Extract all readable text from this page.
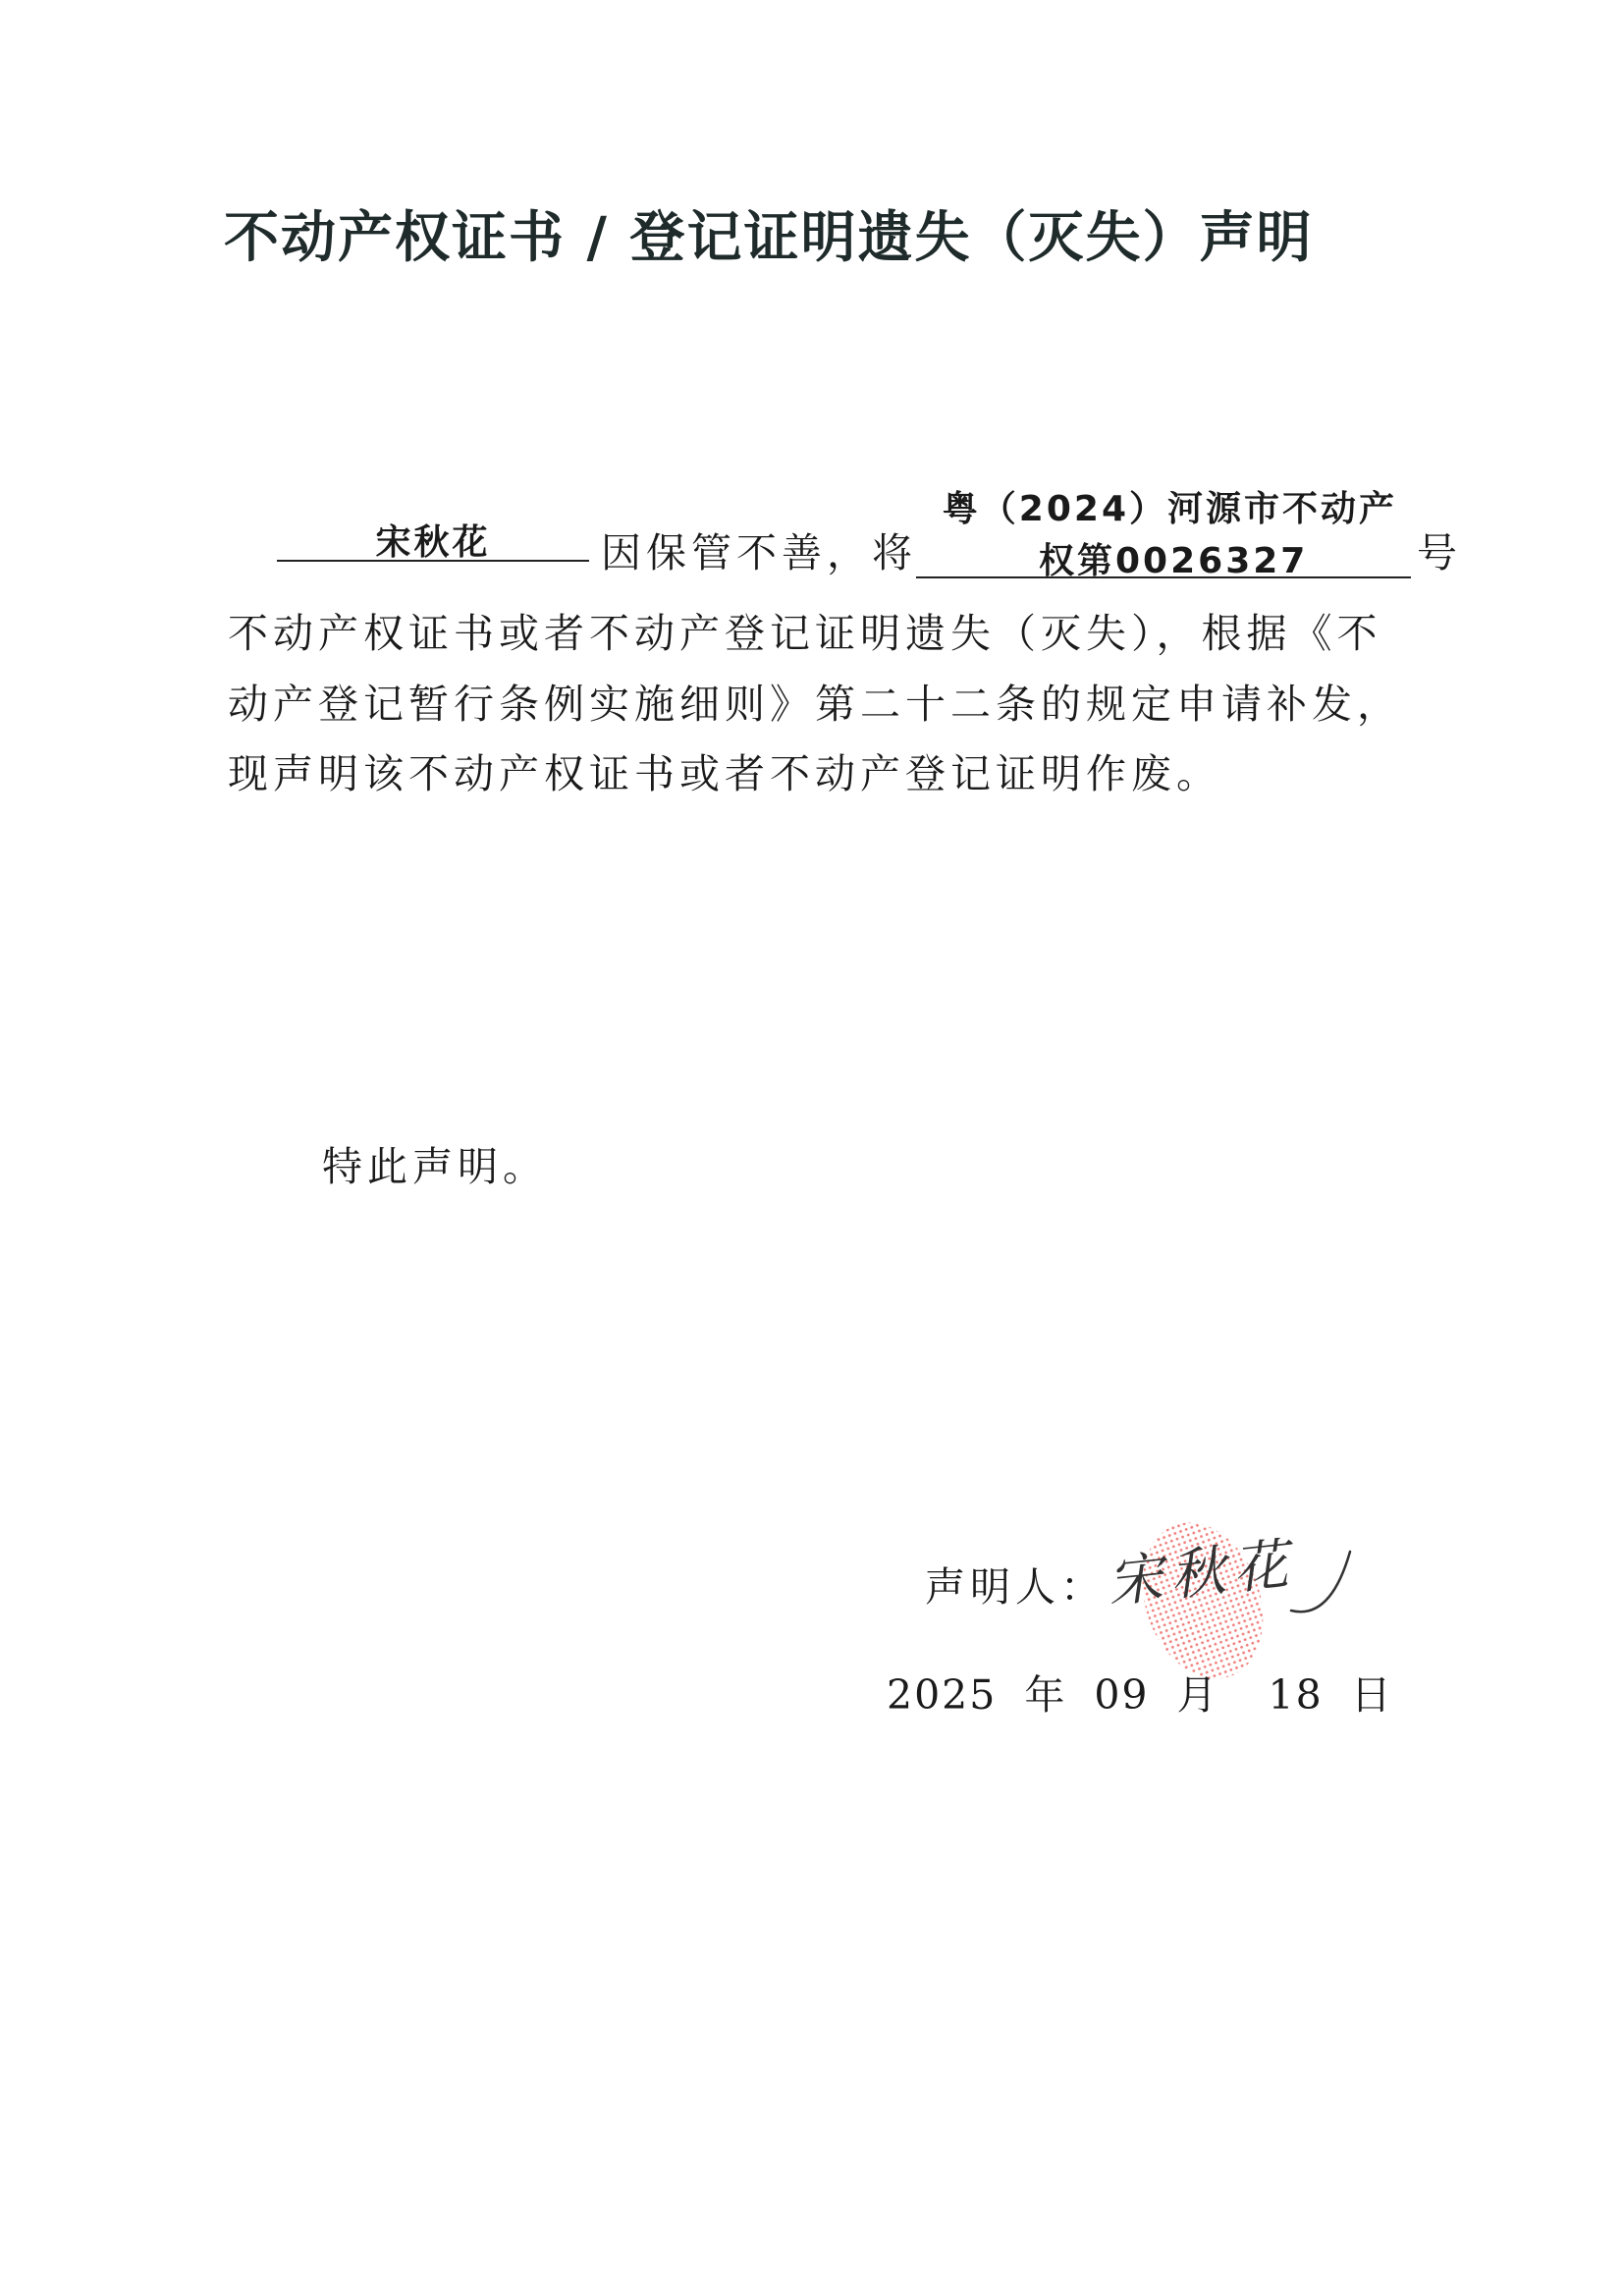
不动产权证书 / 登记证明遗失（灭失）声明
宋秋花	因保管不善，将
粤（2024）河源市不动产
权第0026327	号
不动产权证书或者不动产登记证明遗失（灭失），根据《不
动产登记暂行条例实施细则》第二十二条的规定申请补发，
现声明该不动产权证书或者不动产登记证明作废。
特此声明。
声明人： 宋秋花
2025 年 09 月 18 日
